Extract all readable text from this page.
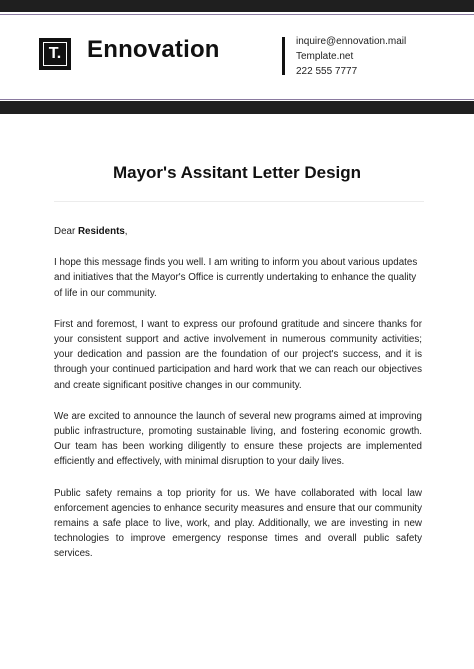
T. Ennovation	inquire@ennovation.mail
Template.net
222 555 7777
Mayor's Assitant Letter Design
Dear Residents,

I hope this message finds you well. I am writing to inform you about various updates and initiatives that the Mayor's Office is currently undertaking to enhance the quality of life in our community.

First and foremost, I want to express our profound gratitude and sincere thanks for your consistent support and active involvement in numerous community activities; your dedication and passion are the foundation of our project's success, and it is through your continued participation and hard work that we can reach our objectives and create significant positive changes in our community.

We are excited to announce the launch of several new programs aimed at improving public infrastructure, promoting sustainable living, and fostering economic growth. Our team has been working diligently to ensure these projects are implemented efficiently and effectively, with minimal disruption to your daily lives.

Public safety remains a top priority for us. We have collaborated with local law enforcement agencies to enhance security measures and ensure that our community remains a safe place to live, work, and play. Additionally, we are investing in new technologies to improve emergency response times and overall public safety services.
